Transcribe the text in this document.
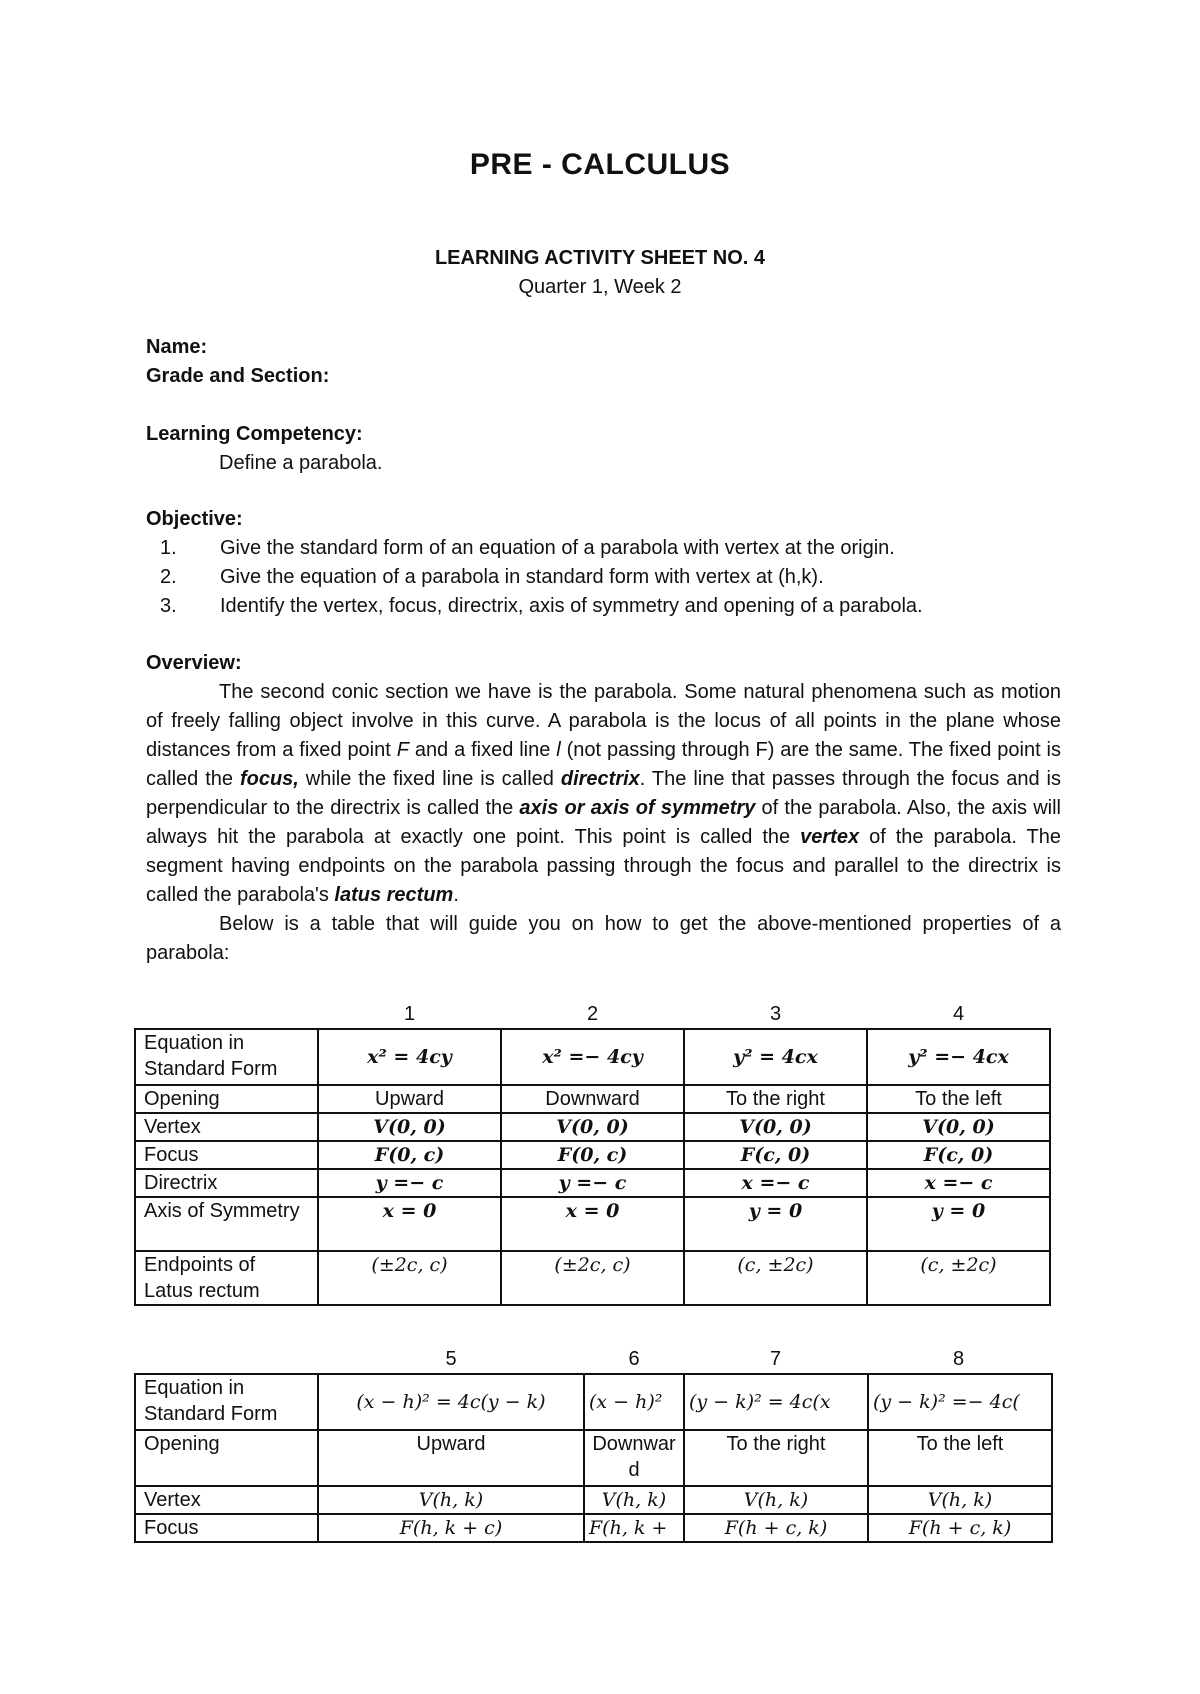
PRE - CALCULUS
LEARNING ACTIVITY SHEET NO. 4
Quarter 1, Week 2
Name:
Grade and Section:
Learning Competency:
Define a parabola.
Objective:
1.	Give the standard form of an equation of a parabola with vertex at the origin.
2.	Give the equation of a parabola in standard form with vertex at (h,k).
3.	Identify the vertex, focus, directrix, axis of symmetry and opening of a parabola.
Overview:

The second conic section we have is the parabola. Some natural phenomena such as motion of freely falling object involve in this curve. A parabola is the locus of all points in the plane whose distances from a fixed point F and a fixed line l (not passing through F) are the same. The fixed point is called the focus, while the fixed line is called directrix. The line that passes through the focus and is perpendicular to the directrix is called the axis or axis of symmetry of the parabola. Also, the axis will always hit the parabola at exactly one point. This point is called the vertex of the parabola. The segment having endpoints on the parabola passing through the focus and parallel to the directrix is called the parabola's latus rectum.

Below is a table that will guide you on how to get the above-mentioned properties of a parabola:

1	2	3	4
Equation in Standard Form	x² = 4cy	x² =− 4cy	y² = 4cx	y² =− 4cx
Opening	Upward	Downward	To the right	To the left
Vertex	V(0, 0)	V(0, 0)	V(0, 0)	V(0, 0)
Focus	F(0, c)	F(0, c)	F(c, 0)	F(c, 0)
Directrix	y =− c	y =− c	x =− c	x =− c
Axis of Symmetry	x = 0	x = 0	y = 0	y = 0
Endpoints of Latus rectum	(±2c, c)	(±2c, c)	(c, ±2c)	(c, ±2c)
5	6	7	8
Equation in Standard Form	(x − h)² = 4c(y − k)	(x − h)²	(y − k)² = 4c(x	(y − k)² =− 4c(
Opening	Upward	Downward	To the right	To the left
Vertex	V(h, k)	V(h, k)	V(h, k)	V(h, k)
Focus	F(h, k + c)	F(h, k +	F(h + c, k)	F(h + c, k)
